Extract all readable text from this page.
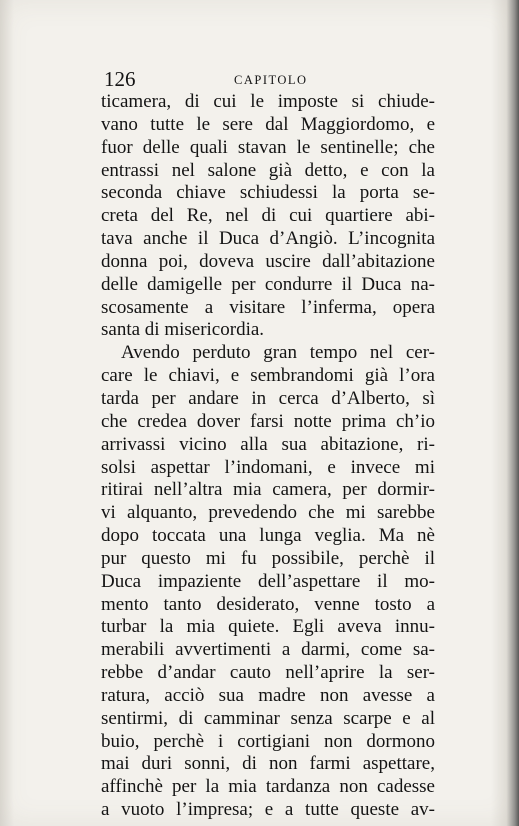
126	CAPITOLO
ticamera, di cui le imposte si chiude-
vano tutte le sere dal Maggiordomo, e
fuor delle quali stavan le sentinelle; che
entrassi nel salone già detto, e con la
seconda chiave schiudessi la porta se-
creta del Re, nel di cui quartiere abi-
tava anche il Duca d’Angiò. L’incognita
donna poi, doveva uscire dall’abitazione
delle damigelle per condurre il Duca na-
scosamente a visitare l’inferma, opera
santa di misericordia.
Avendo perduto gran tempo nel cer-
care le chiavi, e sembrandomi già l’ora
tarda per andare in cerca d’Alberto, sì
che credea dover farsi notte prima ch’io
arrivassi vicino alla sua abitazione, ri-
solsi aspettar l’indomani, e invece mi
ritirai nell’altra mia camera, per dormir-
vi alquanto, prevedendo che mi sarebbe
dopo toccata una lunga veglia. Ma nè
pur questo mi fu possibile, perchè il
Duca impaziente dell’aspettare il mo-
mento tanto desiderato, venne tosto a
turbar la mia quiete. Egli aveva innu-
merabili avvertimenti a darmi, come sa-
rebbe d’andar cauto nell’aprire la ser-
ratura, acciò sua madre non avesse a
sentirmi, di camminar senza scarpe e al
buio, perchè i cortigiani non dormono
mai duri sonni, di non farmi aspettare,
affinchè per la mia tardanza non cadesse
a vuoto l’impresa; e a tutte queste av-
